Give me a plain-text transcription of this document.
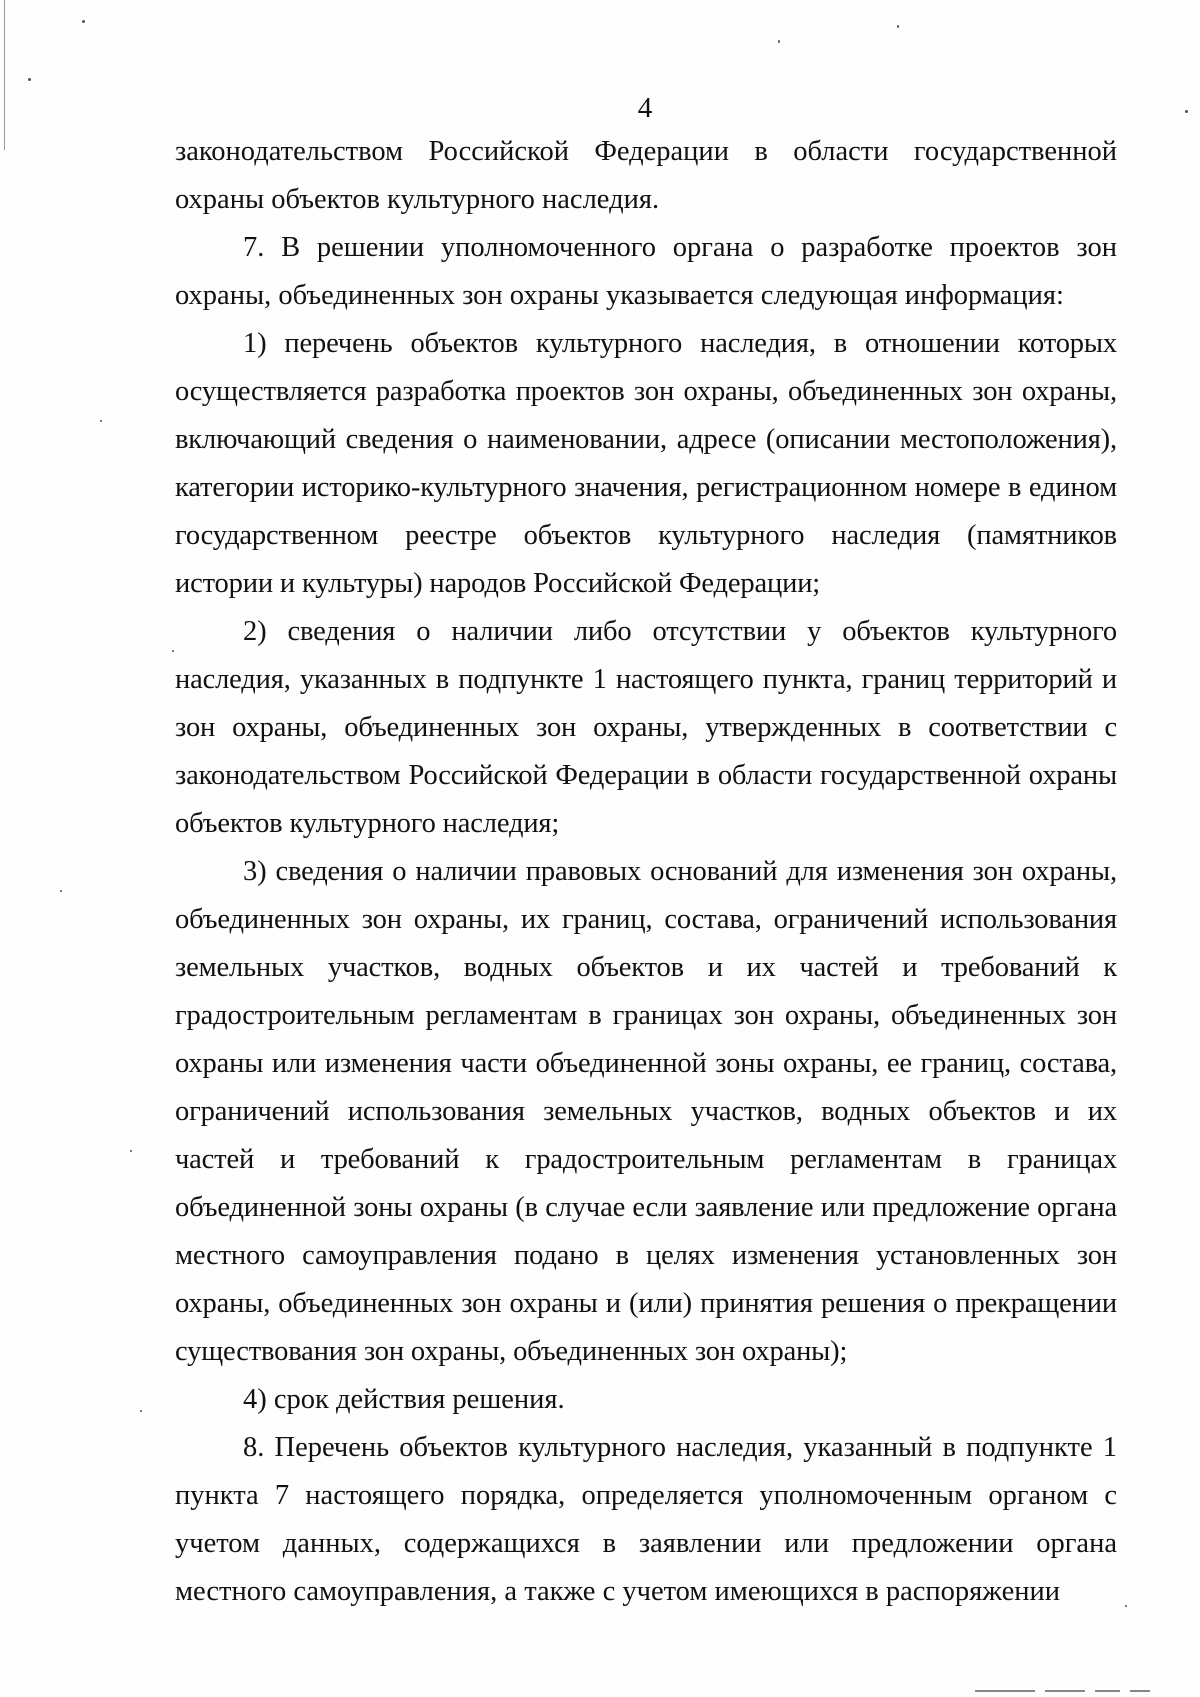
4

законодательством Российской Федерации в области государственной охраны объектов культурного наследия.

7. В решении уполномоченного органа о разработке проектов зон охраны, объединенных зон охраны указывается следующая информация:

1) перечень объектов культурного наследия, в отношении которых осуществляется разработка проектов зон охраны, объединенных зон охраны, включающий сведения о наименовании, адресе (описании местоположения), категории историко-культурного значения, регистрационном номере в едином государственном реестре объектов культурного наследия (памятников истории и культуры) народов Российской Федерации;

2) сведения о наличии либо отсутствии у объектов культурного наследия, указанных в подпункте 1 настоящего пункта, границ территорий и зон охраны, объединенных зон охраны, утвержденных в соответствии с законодательством Российской Федерации в области государственной охраны объектов культурного наследия;

3) сведения о наличии правовых оснований для изменения зон охраны, объединенных зон охраны, их границ, состава, ограничений использования земельных участков, водных объектов и их частей и требований к градостроительным регламентам в границах зон охраны, объединенных зон охраны или изменения части объединенной зоны охраны, ее границ, состава, ограничений использования земельных участков, водных объектов и их частей и требований к градостроительным регламентам в границах объединенной зоны охраны (в случае если заявление или предложение органа местного самоуправления подано в целях изменения установленных зон охраны, объединенных зон охраны и (или) принятия решения о прекращении существования зон охраны, объединенных зон охраны);

4) срок действия решения.

8. Перечень объектов культурного наследия, указанный в подпункте 1 пункта 7 настоящего порядка, определяется уполномоченным органом с учетом данных, содержащихся в заявлении или предложении органа местного самоуправления, а также с учетом имеющихся в распоряжении
